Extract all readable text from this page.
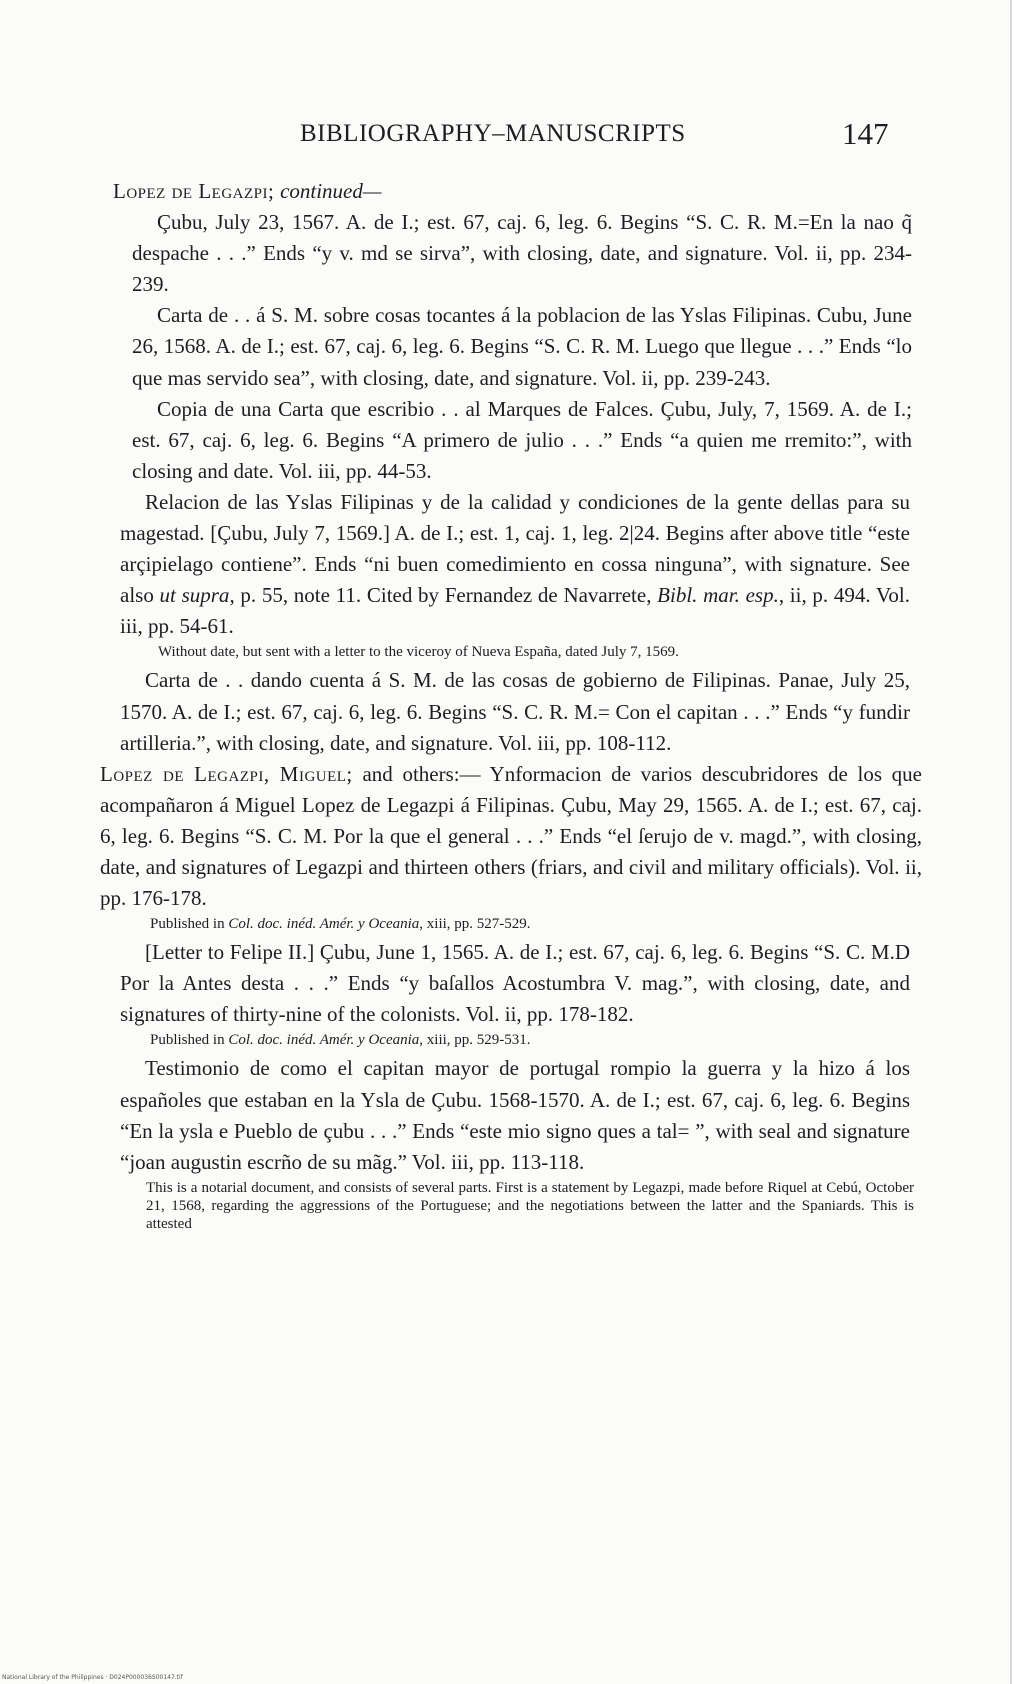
BIBLIOGRAPHY–MANUSCRIPTS	147

Lopez de Legazpi; continued—

Çubu, July 23, 1567. A. de I.; est. 67, caj. 6, leg. 6. Begins “S. C. R. M.=En la nao q̃ despache . . .” Ends “y v. md se sirva”, with closing, date, and signature. Vol. ii, pp. 234-239.

Carta de . . á S. M. sobre cosas tocantes á la poblacion de las Yslas Filipinas. Cubu, June 26, 1568. A. de I.; est. 67, caj. 6, leg. 6. Begins “S. C. R. M. Luego que llegue . . .” Ends “lo que mas servido sea”, with closing, date, and signature. Vol. ii, pp. 239-243.

Copia de una Carta que escribio . . al Marques de Falces. Çubu, July, 7, 1569. A. de I.; est. 67, caj. 6, leg. 6. Begins “A primero de julio . . .” Ends “a quien me rremito:”, with closing and date. Vol. iii, pp. 44-53.

Relacion de las Yslas Filipinas y de la calidad y condiciones de la gente dellas para su magestad. [Çubu, July 7, 1569.] A. de I.; est. 1, caj. 1, leg. 2|24. Begins after above title “este arçipielago contiene”. Ends “ni buen comedimiento en cossa ninguna”, with signature. See also ut supra, p. 55, note 11. Cited by Fernandez de Navarrete, Bibl. mar. esp., ii, p. 494. Vol. iii, pp. 54-61.

Without date, but sent with a letter to the viceroy of Nueva España, dated July 7, 1569.

Carta de . . dando cuenta á S. M. de las cosas de gobierno de Filipinas. Panae, July 25, 1570. A. de I.; est. 67, caj. 6, leg. 6. Begins “S. C. R. M.= Con el capitan . . .” Ends “y fundir artilleria.”, with closing, date, and signature. Vol. iii, pp. 108-112.

Lopez de Legazpi, Miguel; and others:— Ynformacion de varios descubridores de los que acompañaron á Miguel Lopez de Legazpi á Filipinas. Çubu, May 29, 1565. A. de I.; est. 67, caj. 6, leg. 6. Begins “S. C. M. Por la que el general . . .” Ends “el ſerujo de v. magd.”, with closing, date, and signatures of Legazpi and thirteen others (friars, and civil and military officials). Vol. ii, pp. 176-178.

Published in Col. doc. inéd. Amér. y Oceania, xiii, pp. 527-529.

[Letter to Felipe II.] Çubu, June 1, 1565. A. de I.; est. 67, caj. 6, leg. 6. Begins “S. C. M.D Por la Antes desta . . .” Ends “y baſallos Acostumbra V. mag.”, with closing, date, and signatures of thirty-nine of the colonists. Vol. ii, pp. 178-182.

Published in Col. doc. inéd. Amér. y Oceania, xiii, pp. 529-531.

Testimonio de como el capitan mayor de portugal rompio la guerra y la hizo á los españoles que estaban en la Ysla de Çubu. 1568-1570. A. de I.; est. 67, caj. 6, leg. 6. Begins “En la ysla e Pueblo de çubu . . .” Ends “este mio signo ques a tal= ”, with seal and signature “joan augustin escrño de su mãg.” Vol. iii, pp. 113-118.

This is a notarial document, and consists of several parts. First is a statement by Legazpi, made before Riquel at Cebú, October 21, 1568, regarding the aggressions of the Portuguese; and the negotiations between the latter and the Spaniards. This is attested

National Library of the Philippines · D024P000036S00147.tif
